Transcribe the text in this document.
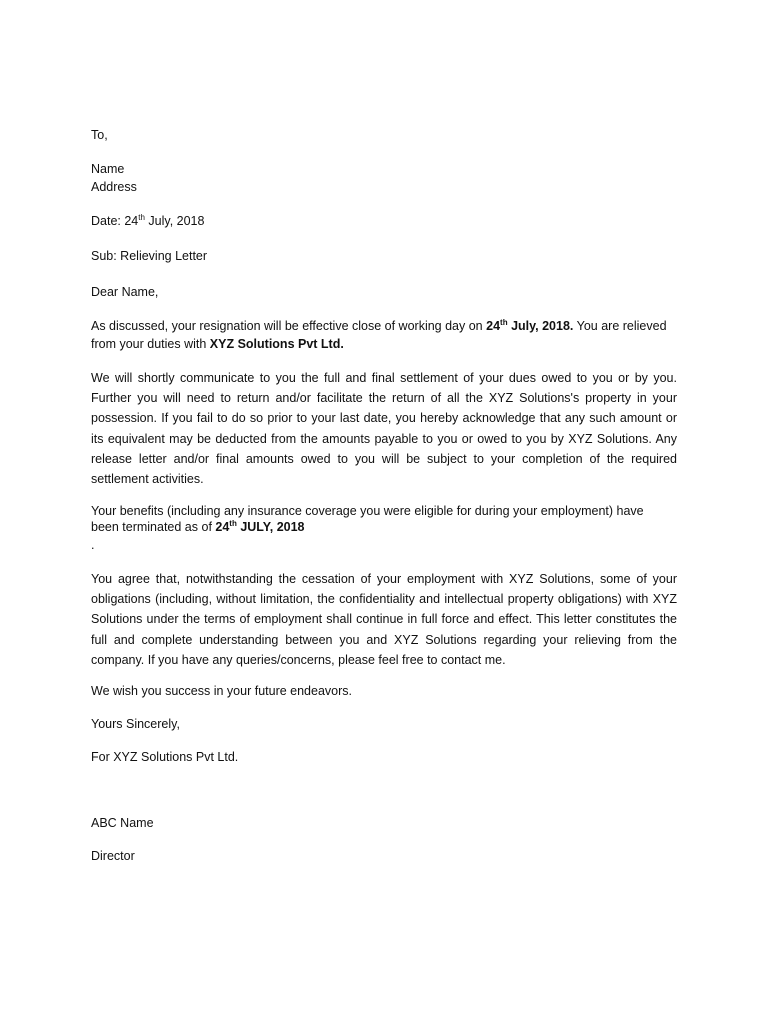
To,
Name
Address
Date: 24th July, 2018
Sub: Relieving Letter
Dear Name,
As discussed, your resignation will be effective close of working day on 24th July, 2018. You are relieved from your duties with XYZ Solutions Pvt Ltd.
We will shortly communicate to you the full and final settlement of your dues owed to you or by you. Further you will need to return and/or facilitate the return of all the XYZ Solutions's property in your possession. If you fail to do so prior to your last date, you hereby acknowledge that any such amount or its equivalent may be deducted from the amounts payable to you or owed to you by XYZ Solutions. Any release letter and/or final amounts owed to you will be subject to your completion of the required settlement activities.
Your benefits (including any insurance coverage you were eligible for during your employment) have
been terminated as of 24th JULY, 2018
.
You agree that, notwithstanding the cessation of your employment with XYZ Solutions, some of your obligations (including, without limitation, the confidentiality and intellectual property obligations) with XYZ Solutions under the terms of employment shall continue in full force and effect. This letter constitutes the full and complete understanding between you and XYZ Solutions regarding your relieving from the company. If you have any queries/concerns, please feel free to contact me.
We wish you success in your future endeavors.
Yours Sincerely,
For XYZ Solutions Pvt Ltd.
ABC Name
Director
